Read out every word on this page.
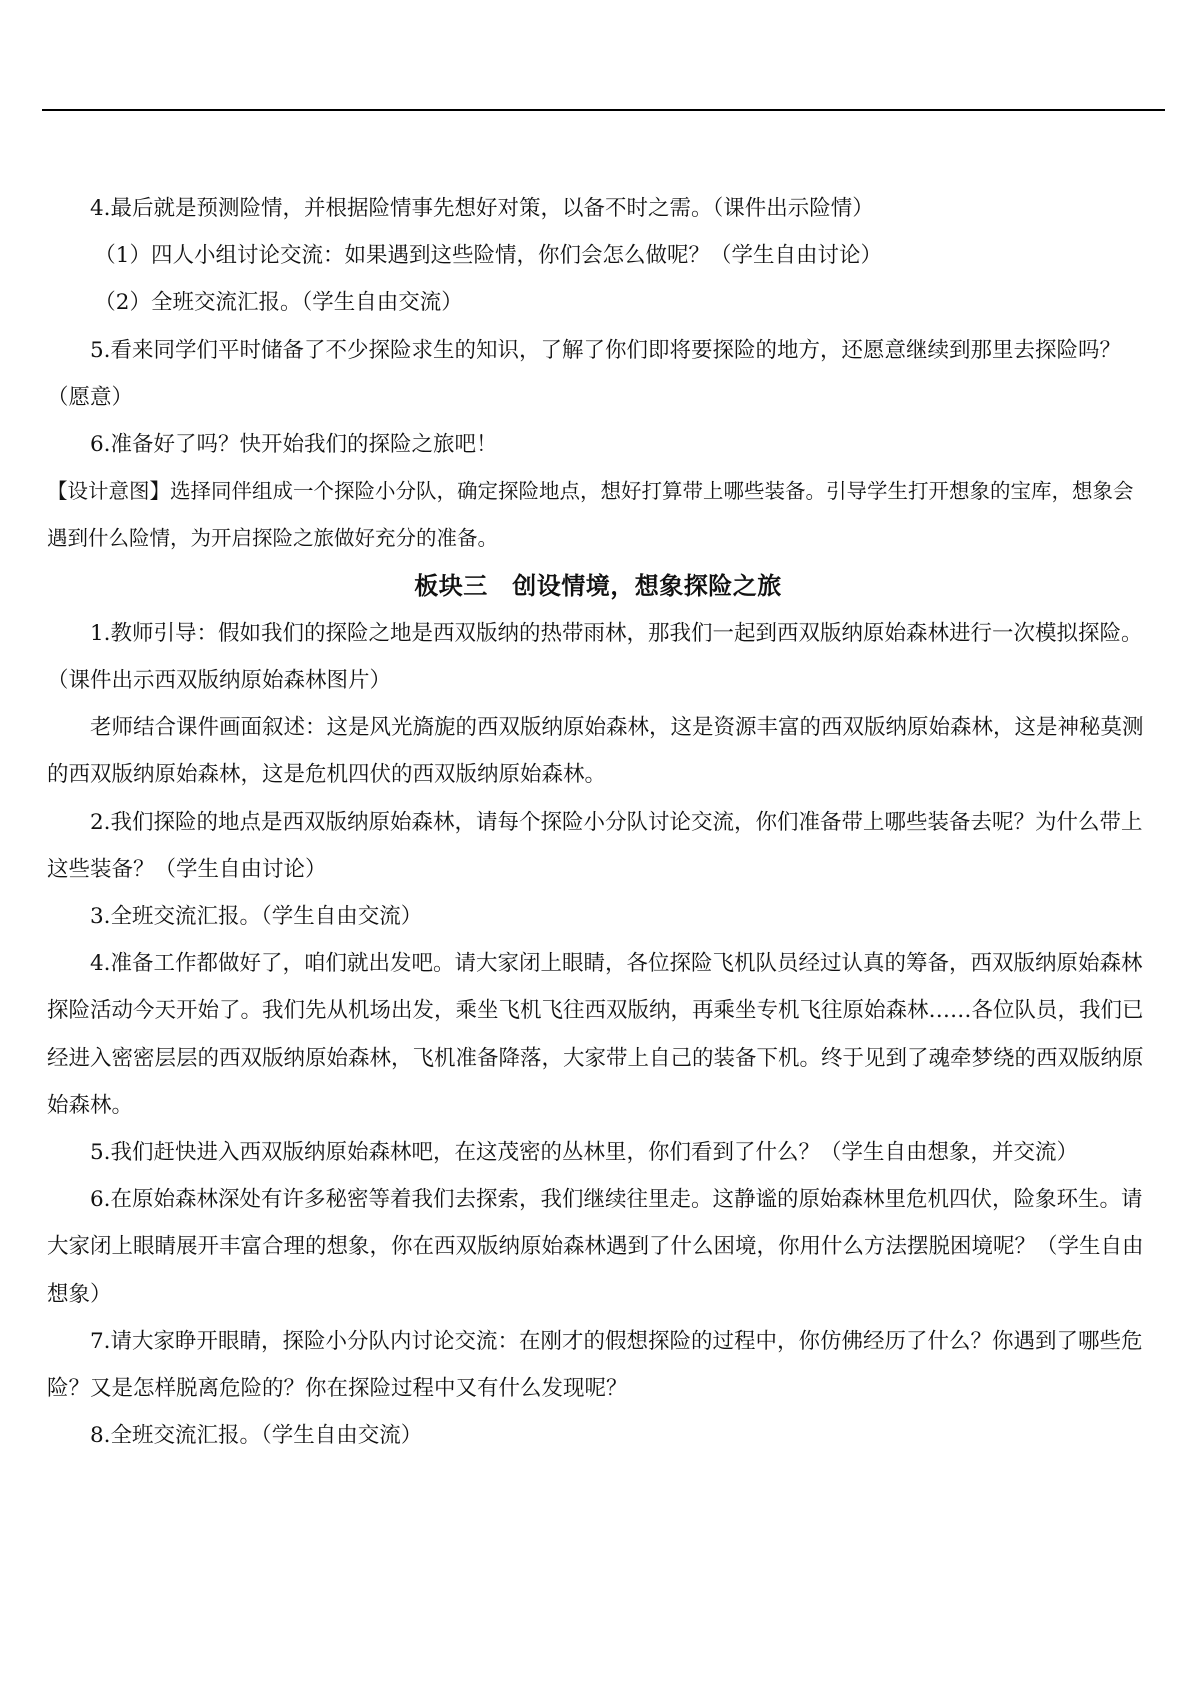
4.最后就是预测险情，并根据险情事先想好对策，以备不时之需。（课件出示险情）

（1）四人小组讨论交流：如果遇到这些险情，你们会怎么做呢？（学生自由讨论）

（2）全班交流汇报。（学生自由交流）

5.看来同学们平时储备了不少探险求生的知识，了解了你们即将要探险的地方，还愿意继续到那里去探险吗？（愿意）

6.准备好了吗？快开始我们的探险之旅吧！

【设计意图】选择同伴组成一个探险小分队，确定探险地点，想好打算带上哪些装备。引导学生打开想象的宝库，想象会遇到什么险情，为开启探险之旅做好充分的准备。

板块三　创设情境，想象探险之旅

1.教师引导：假如我们的探险之地是西双版纳的热带雨林，那我们一起到西双版纳原始森林进行一次模拟探险。（课件出示西双版纳原始森林图片）

老师结合课件画面叙述：这是风光旖旎的西双版纳原始森林，这是资源丰富的西双版纳原始森林，这是神秘莫测的西双版纳原始森林，这是危机四伏的西双版纳原始森林。

2.我们探险的地点是西双版纳原始森林，请每个探险小分队讨论交流，你们准备带上哪些装备去呢？为什么带上这些装备？（学生自由讨论）

3.全班交流汇报。（学生自由交流）

4.准备工作都做好了，咱们就出发吧。请大家闭上眼睛，各位探险飞机队员经过认真的筹备，西双版纳原始森林探险活动今天开始了。我们先从机场出发，乘坐飞机飞往西双版纳，再乘坐专机飞往原始森林……各位队员，我们已经进入密密层层的西双版纳原始森林，飞机准备降落，大家带上自己的装备下机。终于见到了魂牵梦绕的西双版纳原始森林。

5.我们赶快进入西双版纳原始森林吧，在这茂密的丛林里，你们看到了什么？（学生自由想象，并交流）

6.在原始森林深处有许多秘密等着我们去探索，我们继续往里走。这静谧的原始森林里危机四伏，险象环生。请大家闭上眼睛展开丰富合理的想象，你在西双版纳原始森林遇到了什么困境，你用什么方法摆脱困境呢？（学生自由想象）

7.请大家睁开眼睛，探险小分队内讨论交流：在刚才的假想探险的过程中，你仿佛经历了什么？你遇到了哪些危险？又是怎样脱离危险的？你在探险过程中又有什么发现呢？

8.全班交流汇报。（学生自由交流）
